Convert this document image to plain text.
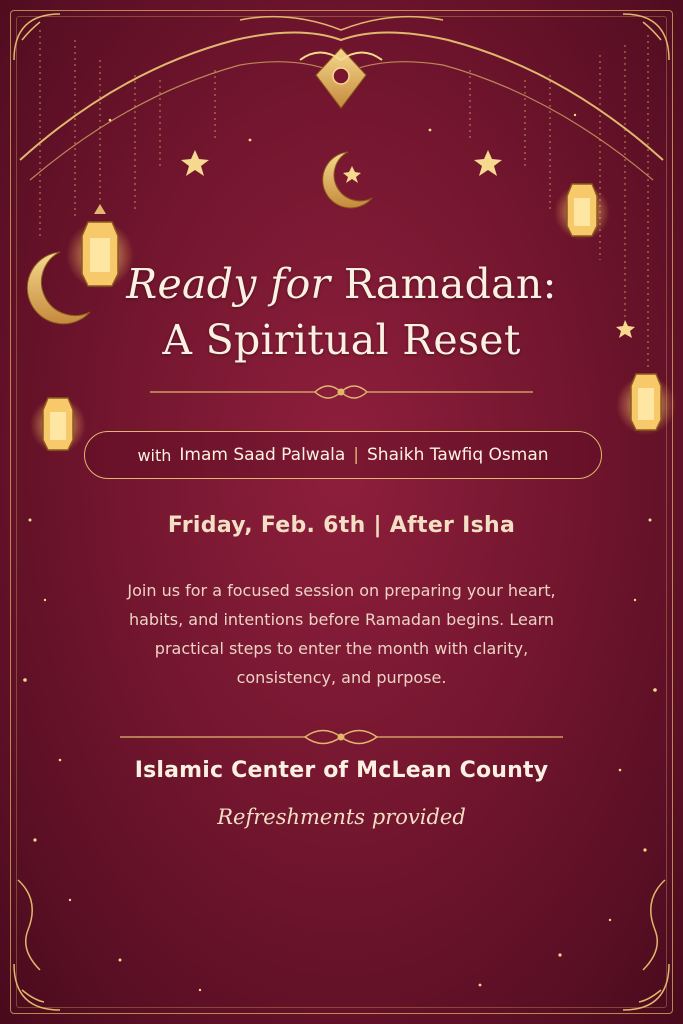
Ready for Ramadan:
A Spiritual Reset
with Imam Saad Palwala | Shaikh Tawfiq Osman
Friday, Feb. 6th | After Isha
Join us for a focused session on preparing your heart, habits, and intentions before Ramadan begins. Learn practical steps to enter the month with clarity, consistency, and purpose.
Islamic Center of McLean County
Refreshments provided
